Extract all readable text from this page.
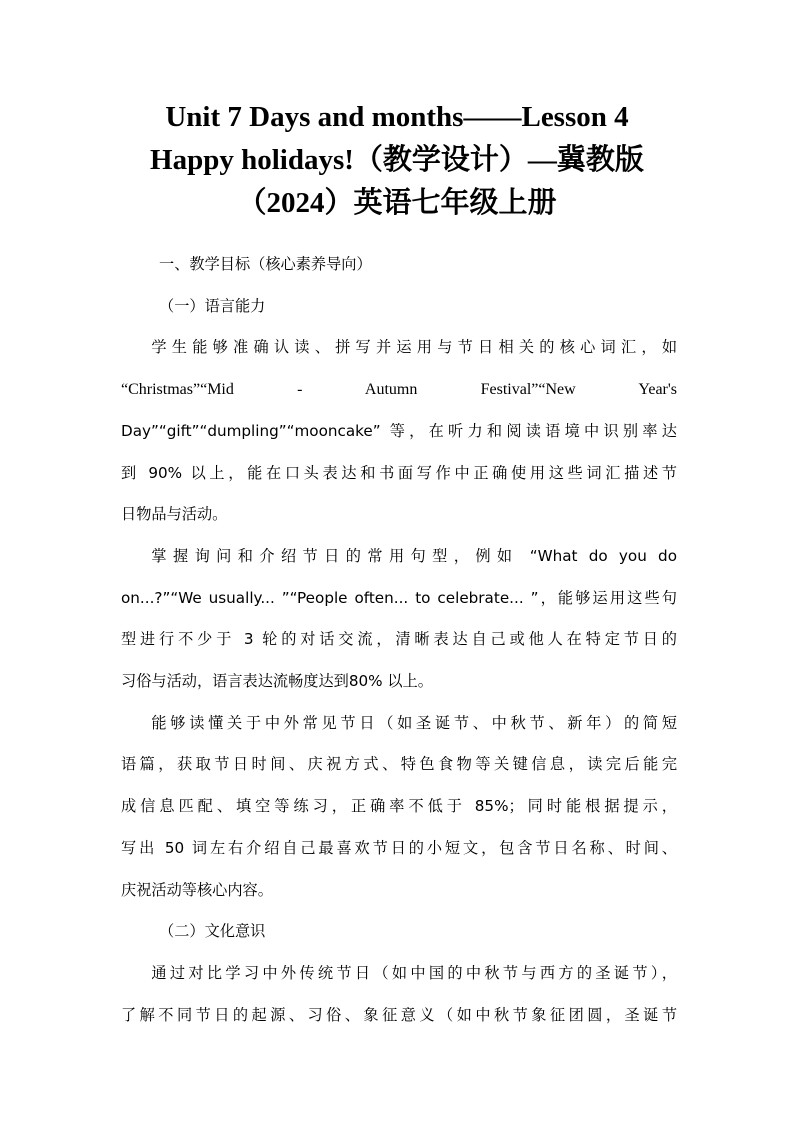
Unit 7 Days and months——Lesson 4
Happy holidays!（教学设计）—冀教版
（2024）英语七年级上册

一、教学目标（核心素养导向）

（一）语言能力

学生能够准确认读、拼写并运用与节日相关的核心词汇，如

“Christmas”“Mid - Autumn Festival”“New Year's

Day”“gift”“dumpling”“mooncake” 等，在听力和阅读语境中识别率达

到 90% 以上，能在口头表达和书面写作中正确使用这些词汇描述节

日物品与活动。

掌握询问和介绍节日的常用句型，例如 “What do you do

on...?”“We usually... ”“People often... to celebrate... ”，能够运用这些句

型进行不少于 3 轮的对话交流，清晰表达自己或他人在特定节日的

习俗与活动，语言表达流畅度达到80% 以上。

能够读懂关于中外常见节日（如圣诞节、中秋节、新年）的简短

语篇，获取节日时间、庆祝方式、特色食物等关键信息，读完后能完

成信息匹配、填空等练习，正确率不低于 85%；同时能根据提示，

写出 50 词左右介绍自己最喜欢节日的小短文，包含节日名称、时间、

庆祝活动等核心内容。

（二）文化意识

通过对比学习中外传统节日（如中国的中秋节与西方的圣诞节），

了解不同节日的起源、习俗、象征意义（如中秋节象征团圆，圣诞节
